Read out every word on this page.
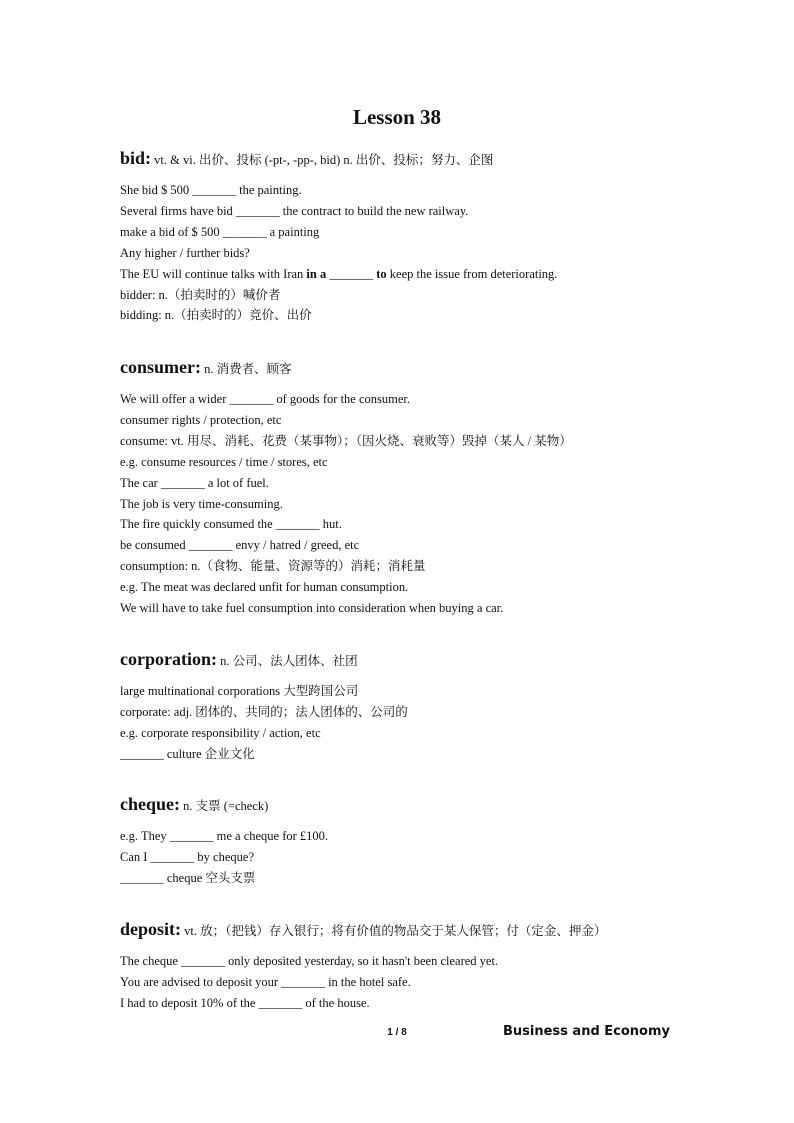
Lesson 38
bid: vt. & vi. 出价、投标 (-pt-, -pp-, bid) n. 出价、投标；努力、企图
She bid $ 500 _______ the painting.
Several firms have bid _______ the contract to build the new railway.
make a bid of $ 500 _______ a painting
Any higher / further bids?
The EU will continue talks with Iran in a _______ to keep the issue from deteriorating.
bidder: n.（拍卖时的）喊价者
bidding: n.（拍卖时的）竞价、出价
consumer: n. 消费者、顾客
We will offer a wider _______ of goods for the consumer.
consumer rights / protection, etc
consume: vt. 用尽、消耗、花费（某事物）；（因火烧、衰败等）毁掉（某人 / 某物）
e.g. consume resources / time / stores, etc
The car _______ a lot of fuel.
The job is very time-consuming.
The fire quickly consumed the _______ hut.
be consumed _______ envy / hatred / greed, etc
consumption: n.（食物、能量、资源等的）消耗；消耗量
e.g. The meat was declared unfit for human consumption.
We will have to take fuel consumption into consideration when buying a car.
corporation: n. 公司、法人团体、社团
large multinational corporations 大型跨国公司
corporate: adj. 团体的、共同的；法人团体的、公司的
e.g. corporate responsibility / action, etc
_______ culture 企业文化
cheque: n. 支票 (=check)
e.g. They _______ me a cheque for £100.
Can I _______ by cheque?
_______ cheque 空头支票
deposit: vt. 放；（把钱）存入银行；将有价值的物品交于某人保管；付（定金、押金）
The cheque _______ only deposited yesterday, so it hasn't been cleared yet.
You are advised to deposit your _______ in the hotel safe.
I had to deposit 10% of the _______ of the house.
1 / 8	Business and Economy
